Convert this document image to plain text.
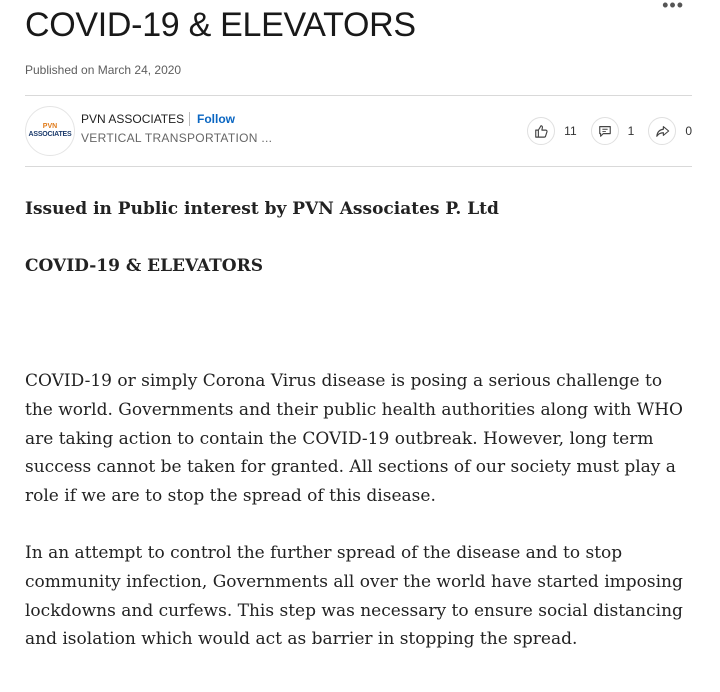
•••
COVID-19 & ELEVATORS
Published on March 24, 2020
PVN
ASSOCIATES
PVN ASSOCIATES Follow
VERTICAL TRANSPORTATION ...	11	1	0

Issued in Public interest by PVN Associates P. Ltd

COVID-19 & ELEVATORS

COVID-19 or simply Corona Virus disease is posing a serious challenge to the world. Governments and their public health authorities along with WHO are taking action to contain the COVID-19 outbreak. However, long term success cannot be taken for granted. All sections of our society must play a role if we are to stop the spread of this disease.

In an attempt to control the further spread of the disease and to stop community infection, Governments all over the world have started imposing lockdowns and curfews. This step was necessary to ensure social distancing and isolation which would act as barrier in stopping the spread.
